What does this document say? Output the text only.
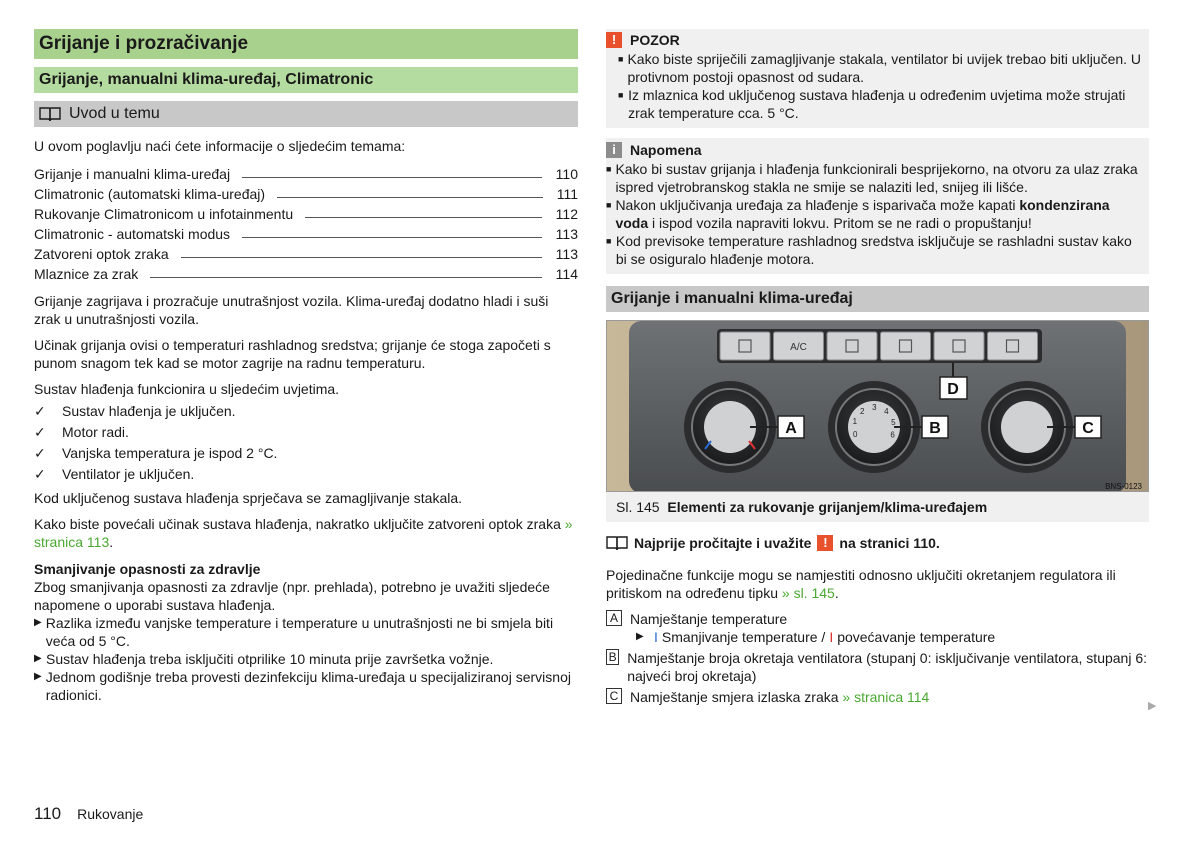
Grijanje i prozračivanje
Grijanje, manualni klima-uređaj, Climatronic
Uvod u temu
U ovom poglavlju naći ćete informacije o sljedećim temama:
Grijanje i manualni klima-uređaj	110
Climatronic (automatski klima-uređaj)	111
Rukovanje Climatronicom u infotainmentu	112
Climatronic - automatski modus	113
Zatvoreni optok zraka	113
Mlaznice za zrak	114
Grijanje zagrijava i prozračuje unutrašnjost vozila. Klima-uređaj dodatno hladi i suši zrak u unutrašnjosti vozila.
Učinak grijanja ovisi o temperaturi rashladnog sredstva; grijanje će stoga započeti s punom snagom tek kad se motor zagrije na radnu temperaturu.
Sustav hlađenja funkcionira u sljedećim uvjetima.
✓ Sustav hlađenja je uključen.
✓ Motor radi.
✓ Vanjska temperatura je ispod 2 °C.
✓ Ventilator je uključen.
Kod uključenog sustava hlađenja sprječava se zamagljivanje stakala.
Kako biste povećali učinak sustava hlađenja, nakratko uključite zatvoreni optok zraka » stranica 113.
Smanjivanje opasnosti za zdravlje
Zbog smanjivanja opasnosti za zdravlje (npr. prehlada), potrebno je uvažiti sljedeće napomene o uporabi sustava hlađenja.
▶ Razlika između vanjske temperature i temperature u unutrašnjosti ne bi smjela biti veća od 5 °C.
▶ Sustav hlađenja treba isključiti otprilike 10 minuta prije završetka vožnje.
▶ Jednom godišnje treba provesti dezinfekciju klima-uređaja u specijaliziranoj servisnoj radionici.
! POZOR
■ Kako biste spriječili zamagljivanje stakala, ventilator bi uvijek trebao biti uključen. U protivnom postoji opasnost od sudara.
■ Iz mlaznica kod uključenog sustava hlađenja u određenim uvjetima može strujati zrak temperature cca. 5 °C.
i	Napomena
■ Kako bi sustav grijanja i hlađenja funkcionirali besprijekorno, na otvoru za ulaz zraka ispred vjetrobranskog stakla ne smije se nalaziti led, snijeg ili lišće.
■ Nakon uključivanja uređaja za hlađenje s isparivača može kapati kondenzirana voda i ispod vozila napraviti lokvu. Pritom se ne radi o propuštanju!
■ Kod previsoke temperature rashladnog sredstva isključuje se rashladni sustav kako bi se osiguralo hlađenje motora.
Grijanje i manualni klima-uređaj
A/C
A	B	C
0
1
2 3 4
5
6
D
BNS-0123
Sl. 145 Elementi za rukovanje grijanjem/klima-uređajem
Najprije pročitajte i uvažite ! na stranici 110.
Pojedinačne funkcije mogu se namjestiti odnosno uključiti okretanjem regulatora ili pritiskom na određenu tipku » sl. 145.
A Namještanje temperature
▶ I Smanjivanje temperature / I povećavanje temperature
B Namještanje broja okretaja ventilatora (stupanj 0: isključivanje ventilatora, stupanj 6: najveći broj okretaja)
C Namještanje smjera izlaska zraka » stranica 114
▶
110 Rukovanje
